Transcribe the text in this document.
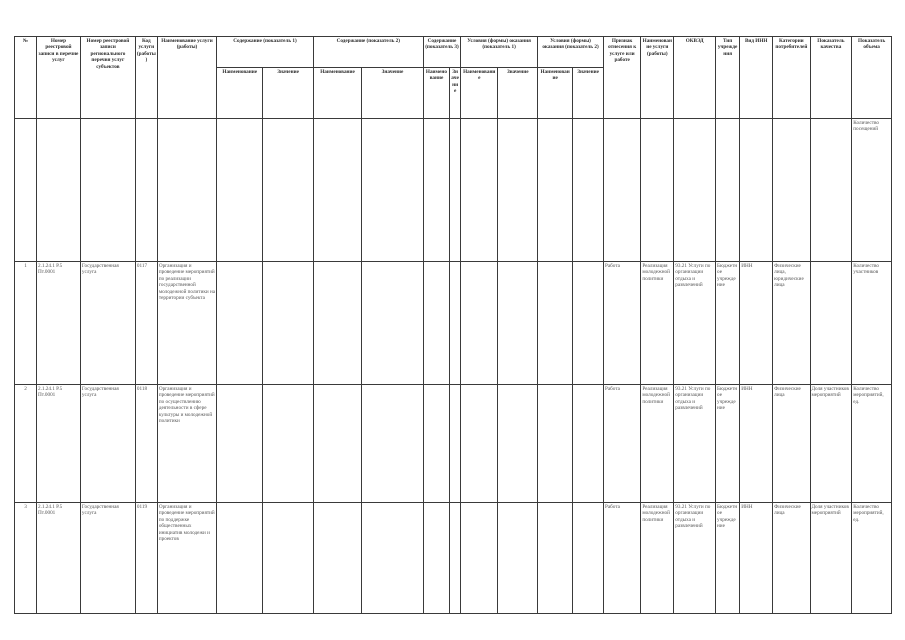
№	Номер реестровой записи в перечне услуг	Номер реестровой записи регионального перечня услуг субъектов	Код услуги (работы)	Наименование услуги (работы)	Содержание (показатель 1)		Содержание (показатель 2)		Содержание (показатель 3)		Условия (формы) оказания (показатель 1)		Условия (формы) оказания (показатель 2)		Признак отнесения к услуге или работе	Наименование услуги (работы)	ОКВЭД	Тип учреждения	Вид ИНН	Категории потребителей	Показатель качества	Показатель объема
					Наименование	Значение	Наименование	Значение	Наименование	Значение	Наименование	Значение	Наименование	Значение								
																						Количество посещений
1	2.1.24.1 Р.5 Пт.0001	Государственная услуга	0117	Организация и проведение мероприятий по реализации государственной молодежной политики на территории субъекта											Работа	Реализация молодежной политики	93.21 Услуги по организации отдыха и развлечений	Бюджетное учреждение	ИНН	Физические лица, юридические лица		Количество участников
2	2.1.24.1 Р.5 Пт.0001	Государственная услуга	0118	Организация и проведение мероприятий по осуществлению деятельности в сфере культуры и молодежной политики											Работа	Реализация молодежной политики	93.21 Услуги по организации отдыха и развлечений	Бюджетное учреждение	ИНН	Физические лица	Доля участников мероприятий	Количество мероприятий, ед.
3	2.1.24.1 Р.5 Пт.0001	Государственная услуга	0119	Организация и проведение мероприятий по поддержке общественных инициатив молодежи и проектов											Работа	Реализация молодежной политики	93.21 Услуги по организации отдыха и развлечений	Бюджетное учреждение	ИНН	Физические лица	Доля участников мероприятий	Количество мероприятий, ед.
